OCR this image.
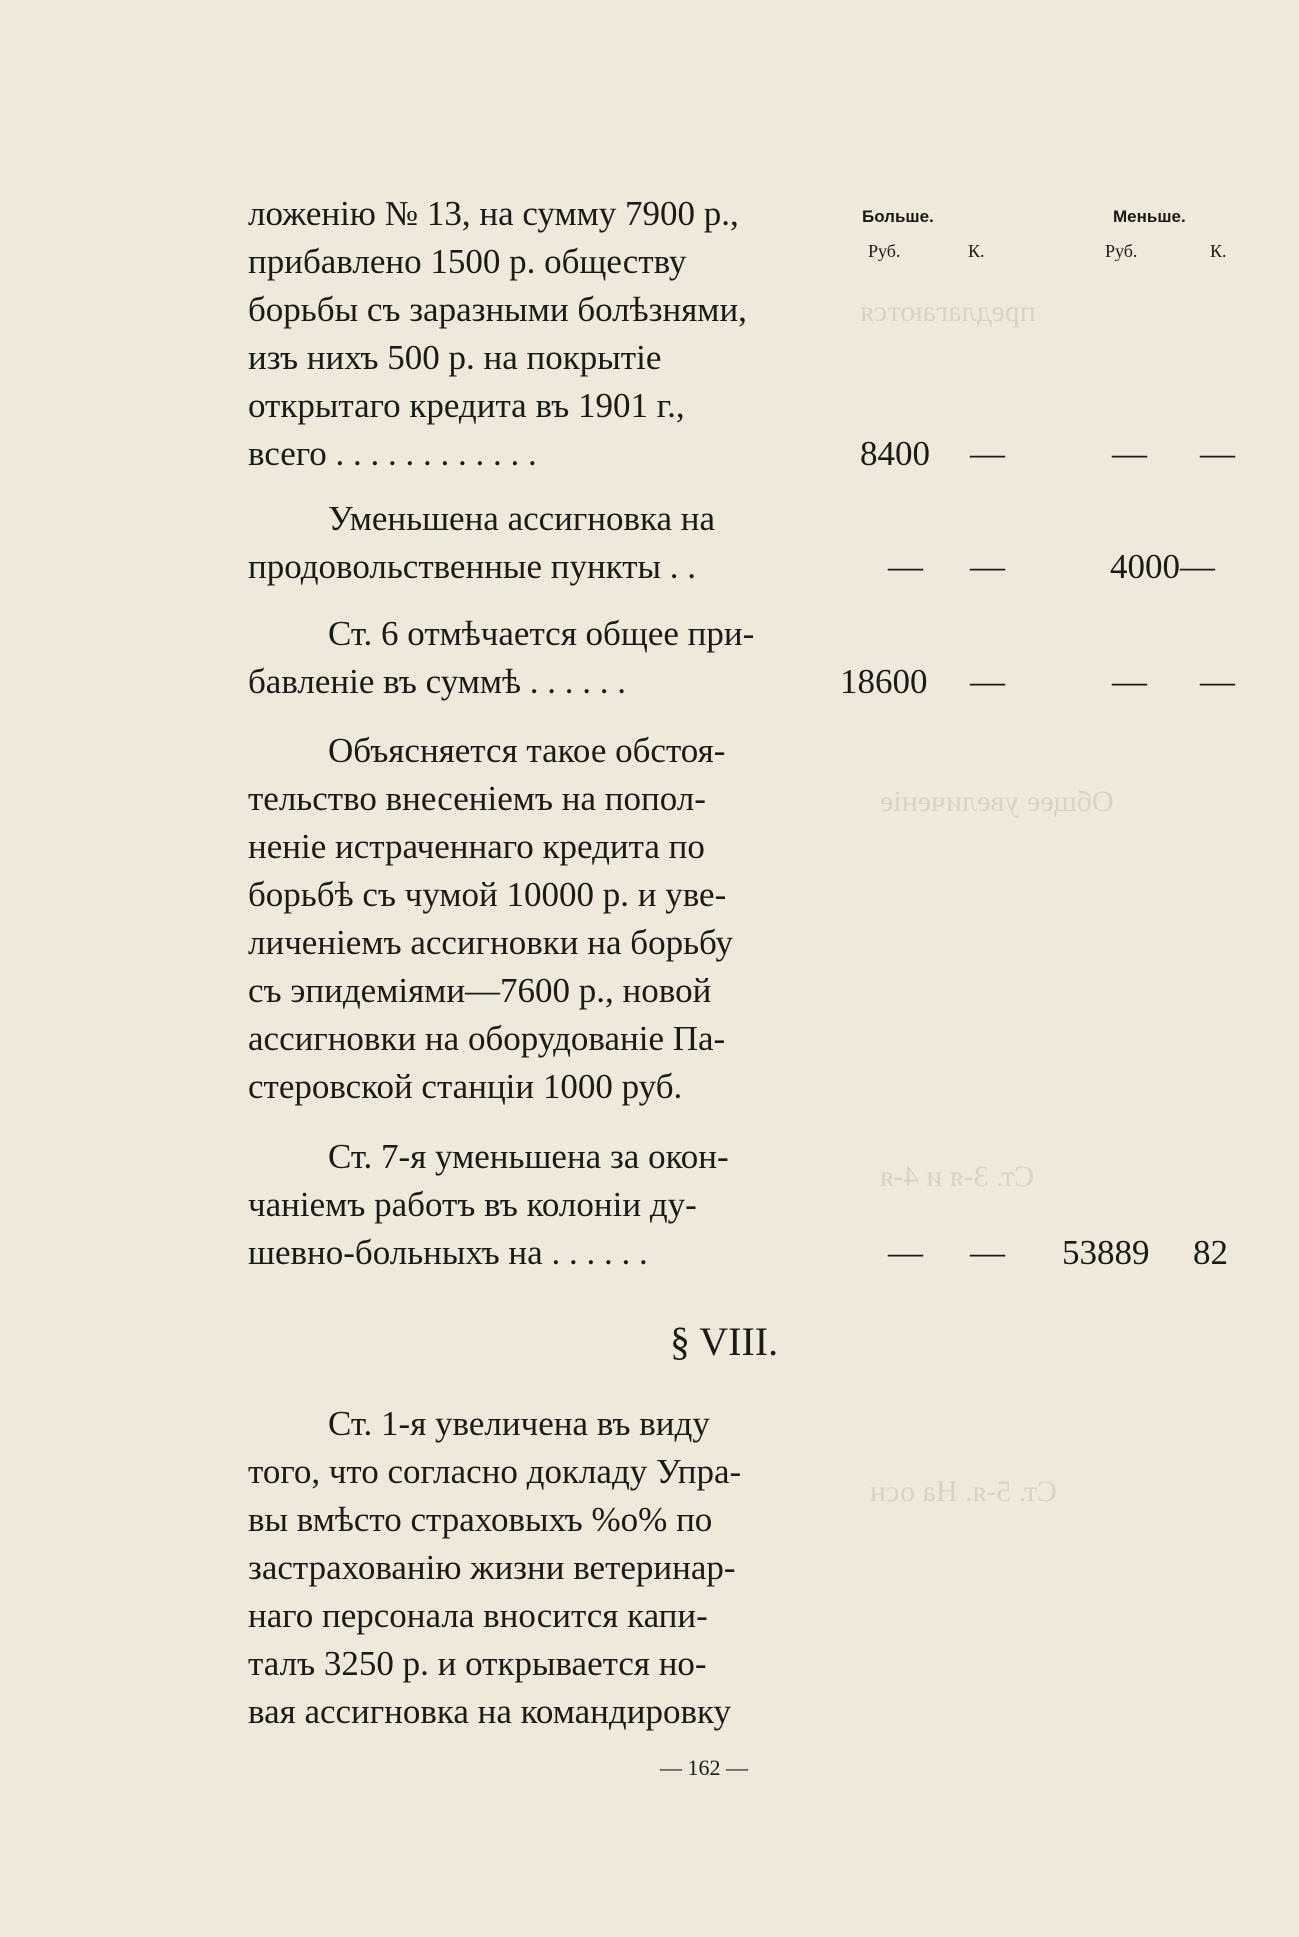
предлагаются
Общее увеличеніе
Ст. 3-я и 4-я
Ст. 5-я. На осн
Больше.	Меньше.
Руб.	К.	Руб.	К.
ложенію № 13, на сумму 7900 р.,
прибавлено 1500 р. обществу
борьбы съ заразными болѣзнями,
изъ нихъ 500 р. на покрытіе
открытаго кредита въ 1901 г.,
всего . . . . . . . . . . . .	8400 —	— —
Уменьшена ассигновка на
продовольственные пункты . .	— —	4000—
Ст. 6 отмѣчается общее при-
бавленіе въ суммѣ . . . . . .	18600 —	— —
Объясняется такое обстоя-
тельство внесеніемъ на попол-
неніе истраченнаго кредита по
борьбѣ съ чумой 10000 р. и уве-
личеніемъ ассигновки на борьбу
съ эпидеміями—7600 р., новой
ассигновки на оборудованіе Па-
стеровской станціи 1000 руб.
Ст. 7-я уменьшена за окон-
чаніемъ работъ въ колоніи ду-
шевно-больныхъ на . . . . . .	— — 53889 82
§ VIII.
Ст. 1-я увеличена въ виду
того, что согласно докладу Упра-
вы вмѣсто страховыхъ %о% по
застрахованію жизни ветеринар-
наго персонала вносится капи-
талъ 3250 р. и открывается но-
вая ассигновка на командировку
— 162 —
